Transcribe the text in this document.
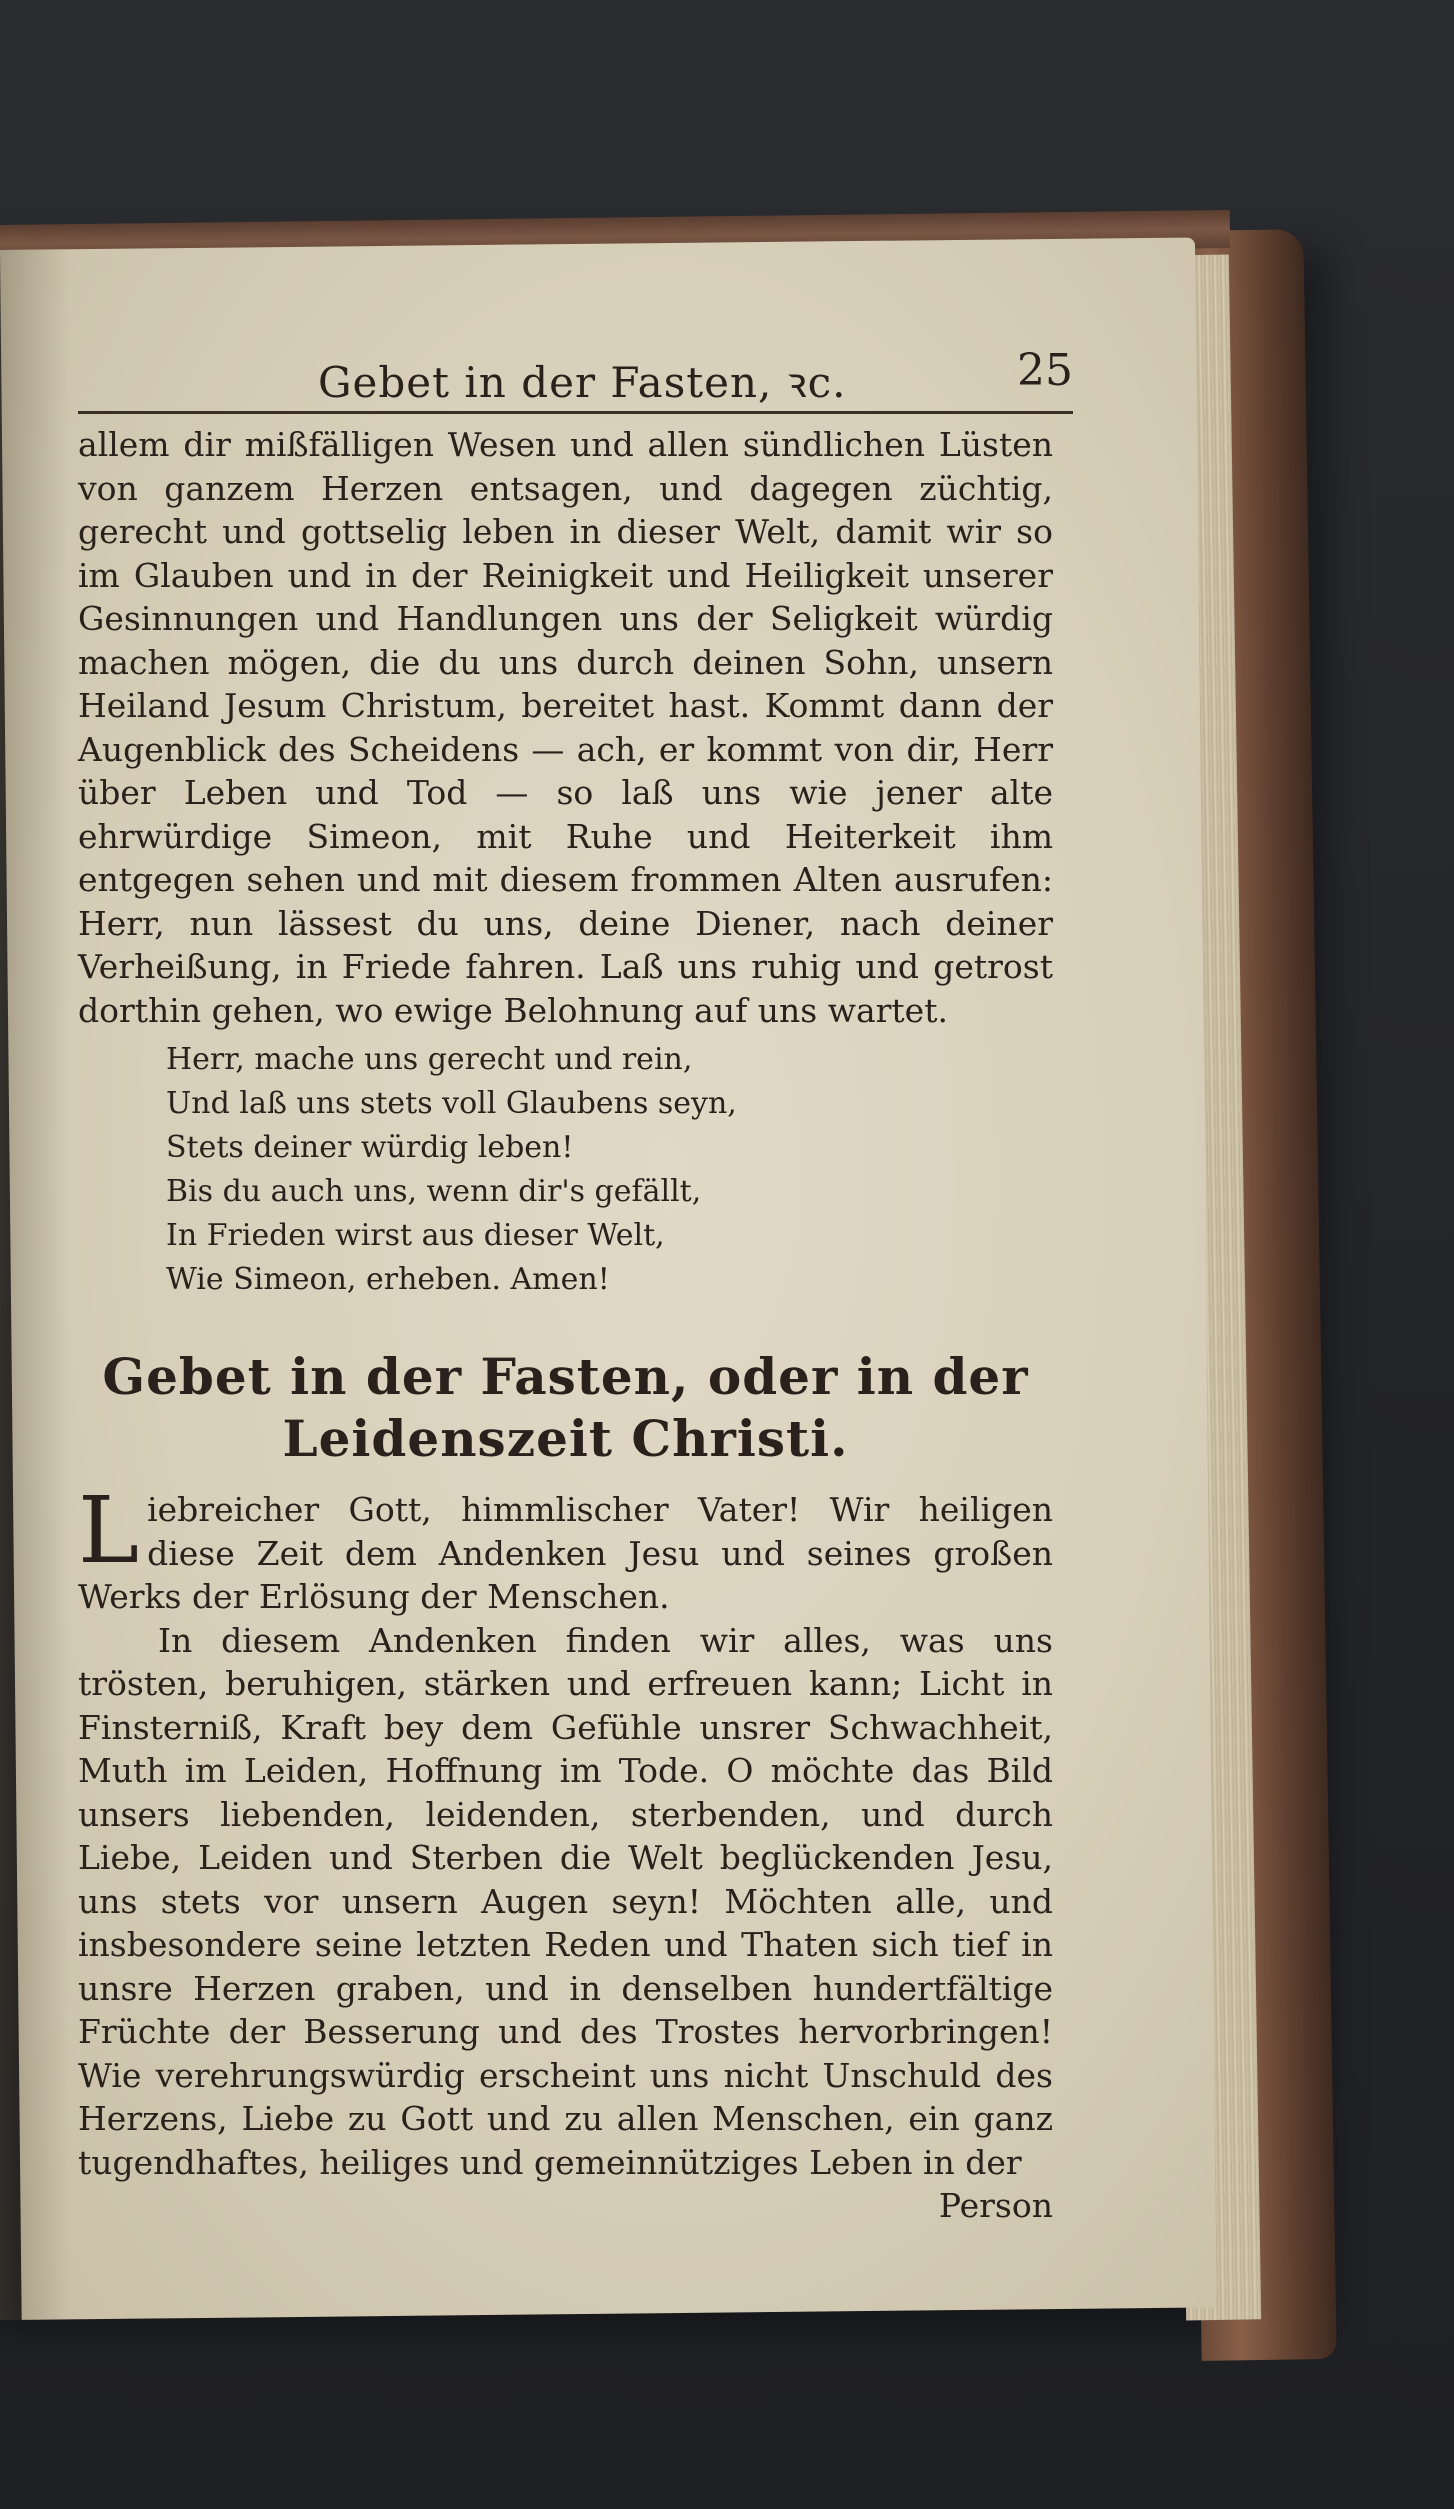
Gebet in der Fasten, ꝛc.	25
allem dir mißfälligen Wesen und allen sündlichen Lüsten von ganzem Herzen entsagen, und dagegen züchtig, gerecht und gottselig leben in dieser Welt, damit wir so im Glauben und in der Reinigkeit und Heiligkeit unserer Gesinnungen und Handlungen uns der Seligkeit würdig machen mögen, die du uns durch deinen Sohn, unsern Heiland Jesum Christum, bereitet hast. Kommt dann der Augenblick des Scheidens — ach, er kommt von dir, Herr über Leben und Tod — so laß uns wie jener alte ehrwürdige Simeon, mit Ruhe und Heiterkeit ihm entgegen sehen und mit diesem frommen Alten ausrufen: Herr, nun lässest du uns, deine Diener, nach deiner Verheißung, in Friede fahren. Laß uns ruhig und getrost dorthin gehen, wo ewige Belohnung auf uns wartet.
Herr, mache uns gerecht und rein,
Und laß uns stets voll Glaubens seyn,
Stets deiner würdig leben!
Bis du auch uns, wenn dir's gefällt,
In Frieden wirst aus dieser Welt,
Wie Simeon, erheben. Amen!
Gebet in der Fasten, oder in der Leidenszeit Christi.
Liebreicher Gott, himmlischer Vater! Wir heiligen diese Zeit dem Andenken Jesu und seines großen Werks der Erlösung der Menschen.
In diesem Andenken finden wir alles, was uns trösten, beruhigen, stärken und erfreuen kann; Licht in Finsterniß, Kraft bey dem Gefühle unsrer Schwachheit, Muth im Leiden, Hoffnung im Tode. O möchte das Bild unsers liebenden, leidenden, sterbenden, und durch Liebe, Leiden und Sterben die Welt beglückenden Jesu, uns stets vor unsern Augen seyn! Möchten alle, und insbesondere seine letzten Reden und Thaten sich tief in unsre Herzen graben, und in denselben hundertfältige Früchte der Besserung und des Trostes hervorbringen! Wie verehrungswürdig erscheint uns nicht Unschuld des Herzens, Liebe zu Gott und zu allen Menschen, ein ganz tugendhaftes, heiliges und gemeinnütziges Leben in der
Person
